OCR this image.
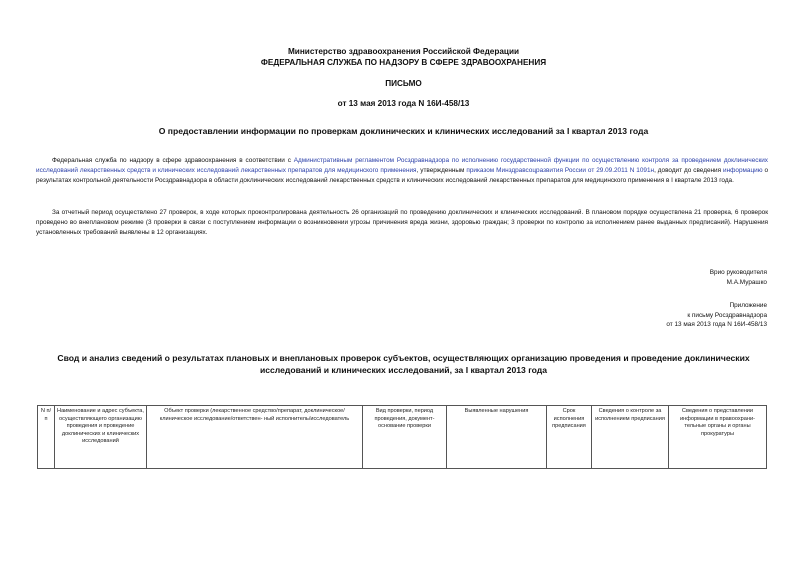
Министерство здравоохранения Российской Федерации
ФЕДЕРАЛЬНАЯ СЛУЖБА ПО НАДЗОРУ В СФЕРЕ ЗДРАВООХРАНЕНИЯ
ПИСЬМО
от 13 мая 2013 года N 16И-458/13
О предоставлении информации по проверкам доклинических и клинических исследований за I квартал 2013 года
Федеральная служба по надзору в сфере здравоохранения в соответствии с Административным регламентом Росздравнадзора по исполнению государственной функции по осуществлению контроля за проведением доклинических исследований лекарственных средств и клинических исследований лекарственных препаратов для медицинского применения, утвержденным приказом Минздравсоцразвития России от 29.09.2011 N 1091н, доводит до сведения информацию о результатах контрольной деятельности Росздравнадзора в области доклинических исследований лекарственных средств и клинических исследований лекарственных препаратов для медицинского применения в I квартале 2013 года.
За отчетный период осуществлено 27 проверок, в ходе которых проконтролирована деятельность 26 организаций по проведению доклинических и клинических исследований. В плановом порядке осуществлена 21 проверка, 6 проверок проведено во внеплановом режиме (3 проверки в связи с поступлением информации о возникновении угрозы причинения вреда жизни, здоровью граждан; 3 проверки по контролю за исполнением ранее выданных предписаний). Нарушения установленных требований выявлены в 12 организациях.
Врио руководителя
М.А.Мурашко
Приложение
к письму Росздравнадзора
от 13 мая 2013 года N 16И-458/13
Свод и анализ сведений о результатах плановых и внеплановых проверок субъектов, осуществляющих организацию проведения и проведение доклинических
исследований и клинических исследований, за I квартал 2013 года
N п/п	Наименование и адрес субъекта, осуществляющего организацию проведения и проведение доклинических и клинических исследований	Объект проверки (лекарственное средство/препарат, доклиническое/клиническое исследование/ответствен- ный исполнитель/исследователь	Вид проверки, период проведения, документ- основание проверки	Выявленные нарушения	Срок исполнения предписания	Сведения о контроле за исполнением предписания	Сведения о представлении информации в правоохрани- тельные органы и органы прокуратуры
